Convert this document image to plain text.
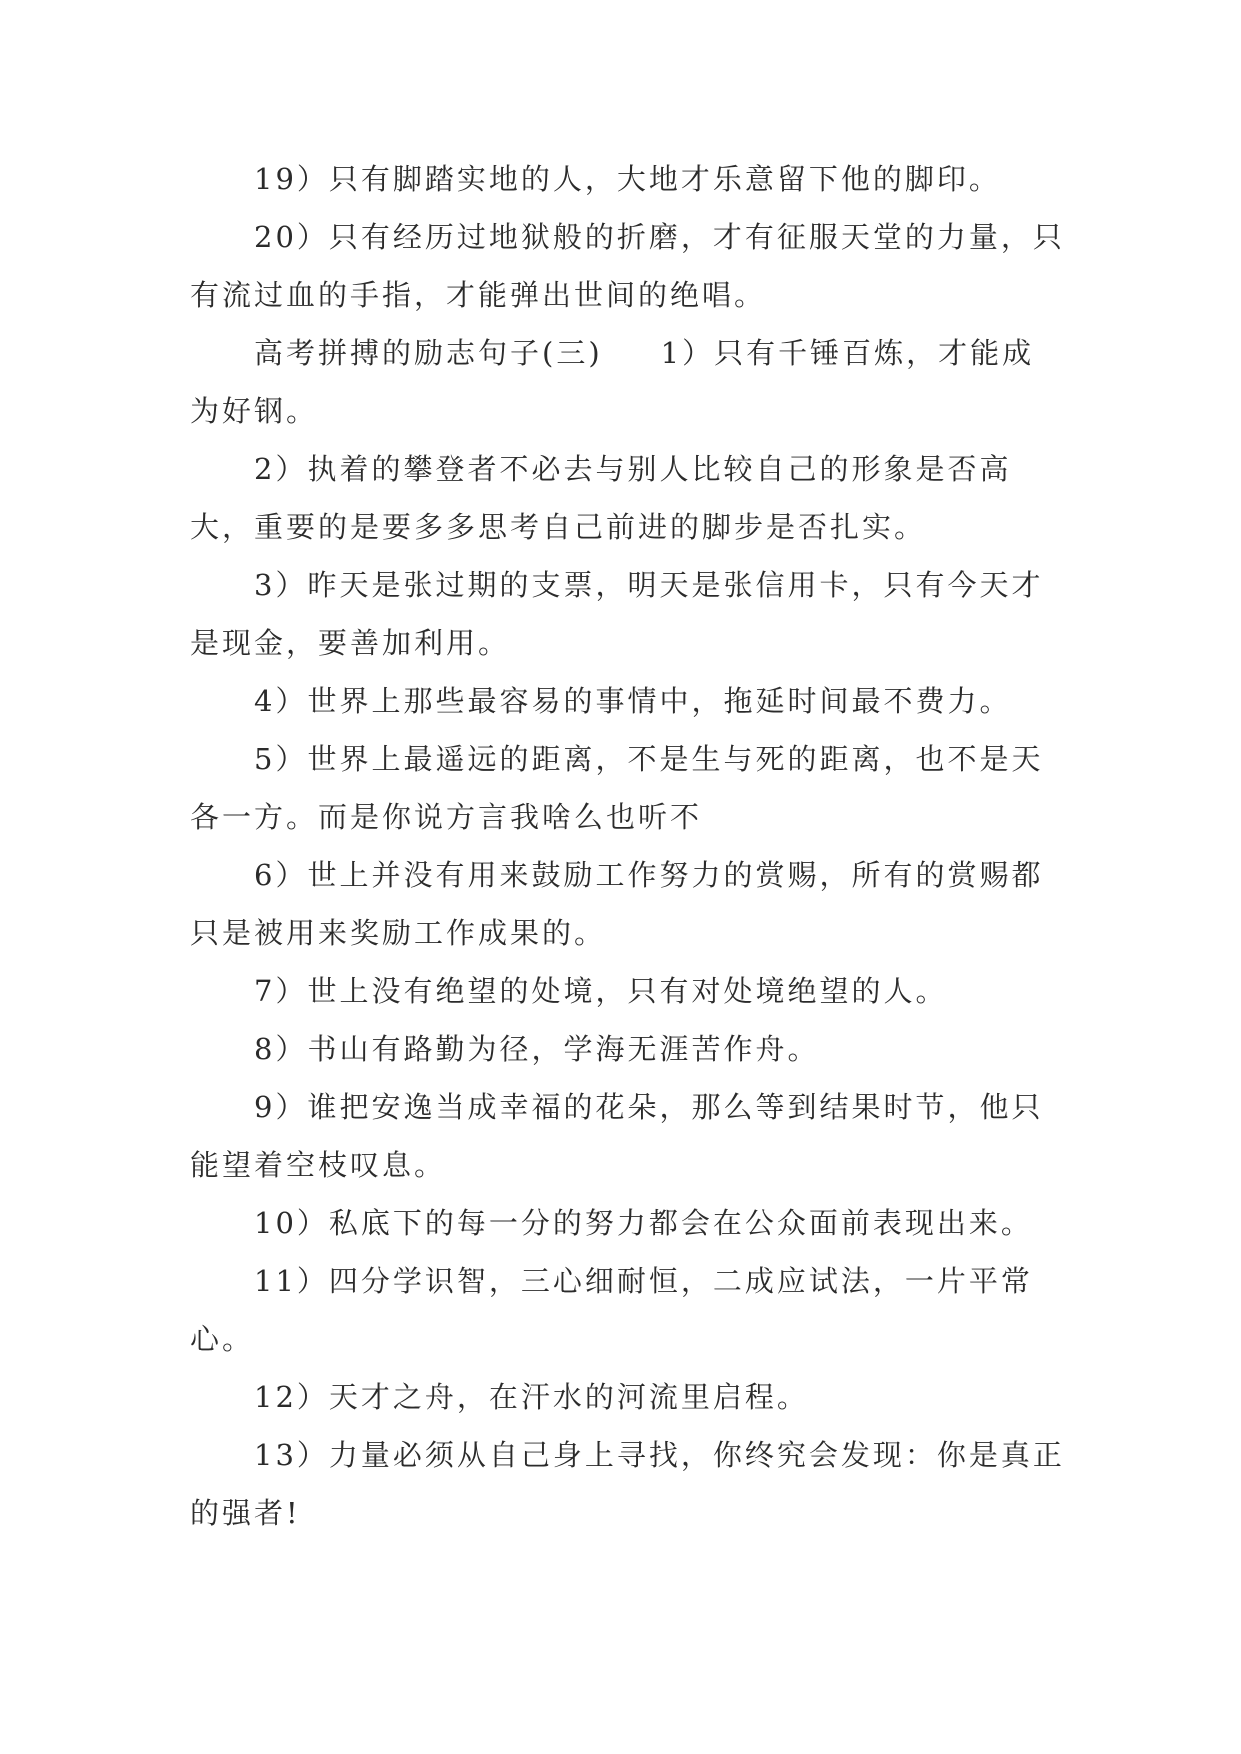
19）只有脚踏实地的人，大地才乐意留下他的脚印。

20）只有经历过地狱般的折磨，才有征服天堂的力量，只有流过血的手指，才能弹出世间的绝唱。

高考拼搏的励志句子(三) 1）只有千锤百炼，才能成为好钢。

2）执着的攀登者不必去与别人比较自己的形象是否高大，重要的是要多多思考自己前进的脚步是否扎实。

3）昨天是张过期的支票，明天是张信用卡，只有今天才是现金，要善加利用。

4）世界上那些最容易的事情中，拖延时间最不费力。

5）世界上最遥远的距离，不是生与死的距离，也不是天各一方。而是你说方言我啥么也听不

6）世上并没有用来鼓励工作努力的赏赐，所有的赏赐都只是被用来奖励工作成果的。

7）世上没有绝望的处境，只有对处境绝望的人。

8）书山有路勤为径，学海无涯苦作舟。

9）谁把安逸当成幸福的花朵，那么等到结果时节，他只能望着空枝叹息。

10）私底下的每一分的努力都会在公众面前表现出来。

11）四分学识智，三心细耐恒，二成应试法，一片平常心。

12）天才之舟，在汗水的河流里启程。

13）力量必须从自己身上寻找，你终究会发现：你是真正的强者!
